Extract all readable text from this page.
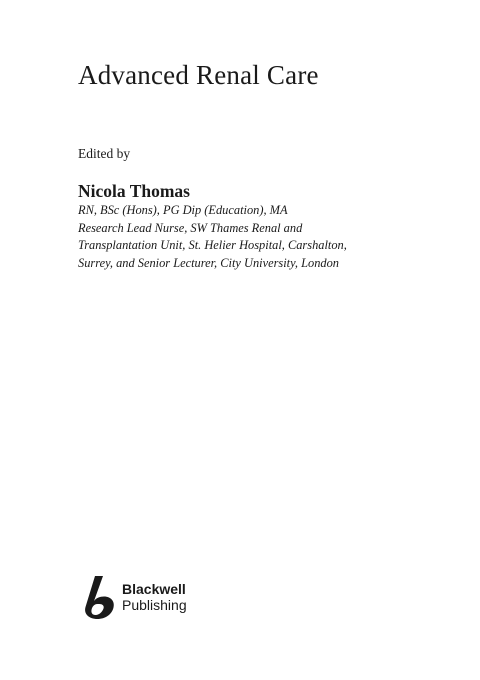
Advanced Renal Care
Edited by
Nicola Thomas
RN, BSc (Hons), PG Dip (Education), MA
Research Lead Nurse, SW Thames Renal and
Transplantation Unit, St. Helier Hospital, Carshalton,
Surrey, and Senior Lecturer, City University, London
Blackwell
Publishing
